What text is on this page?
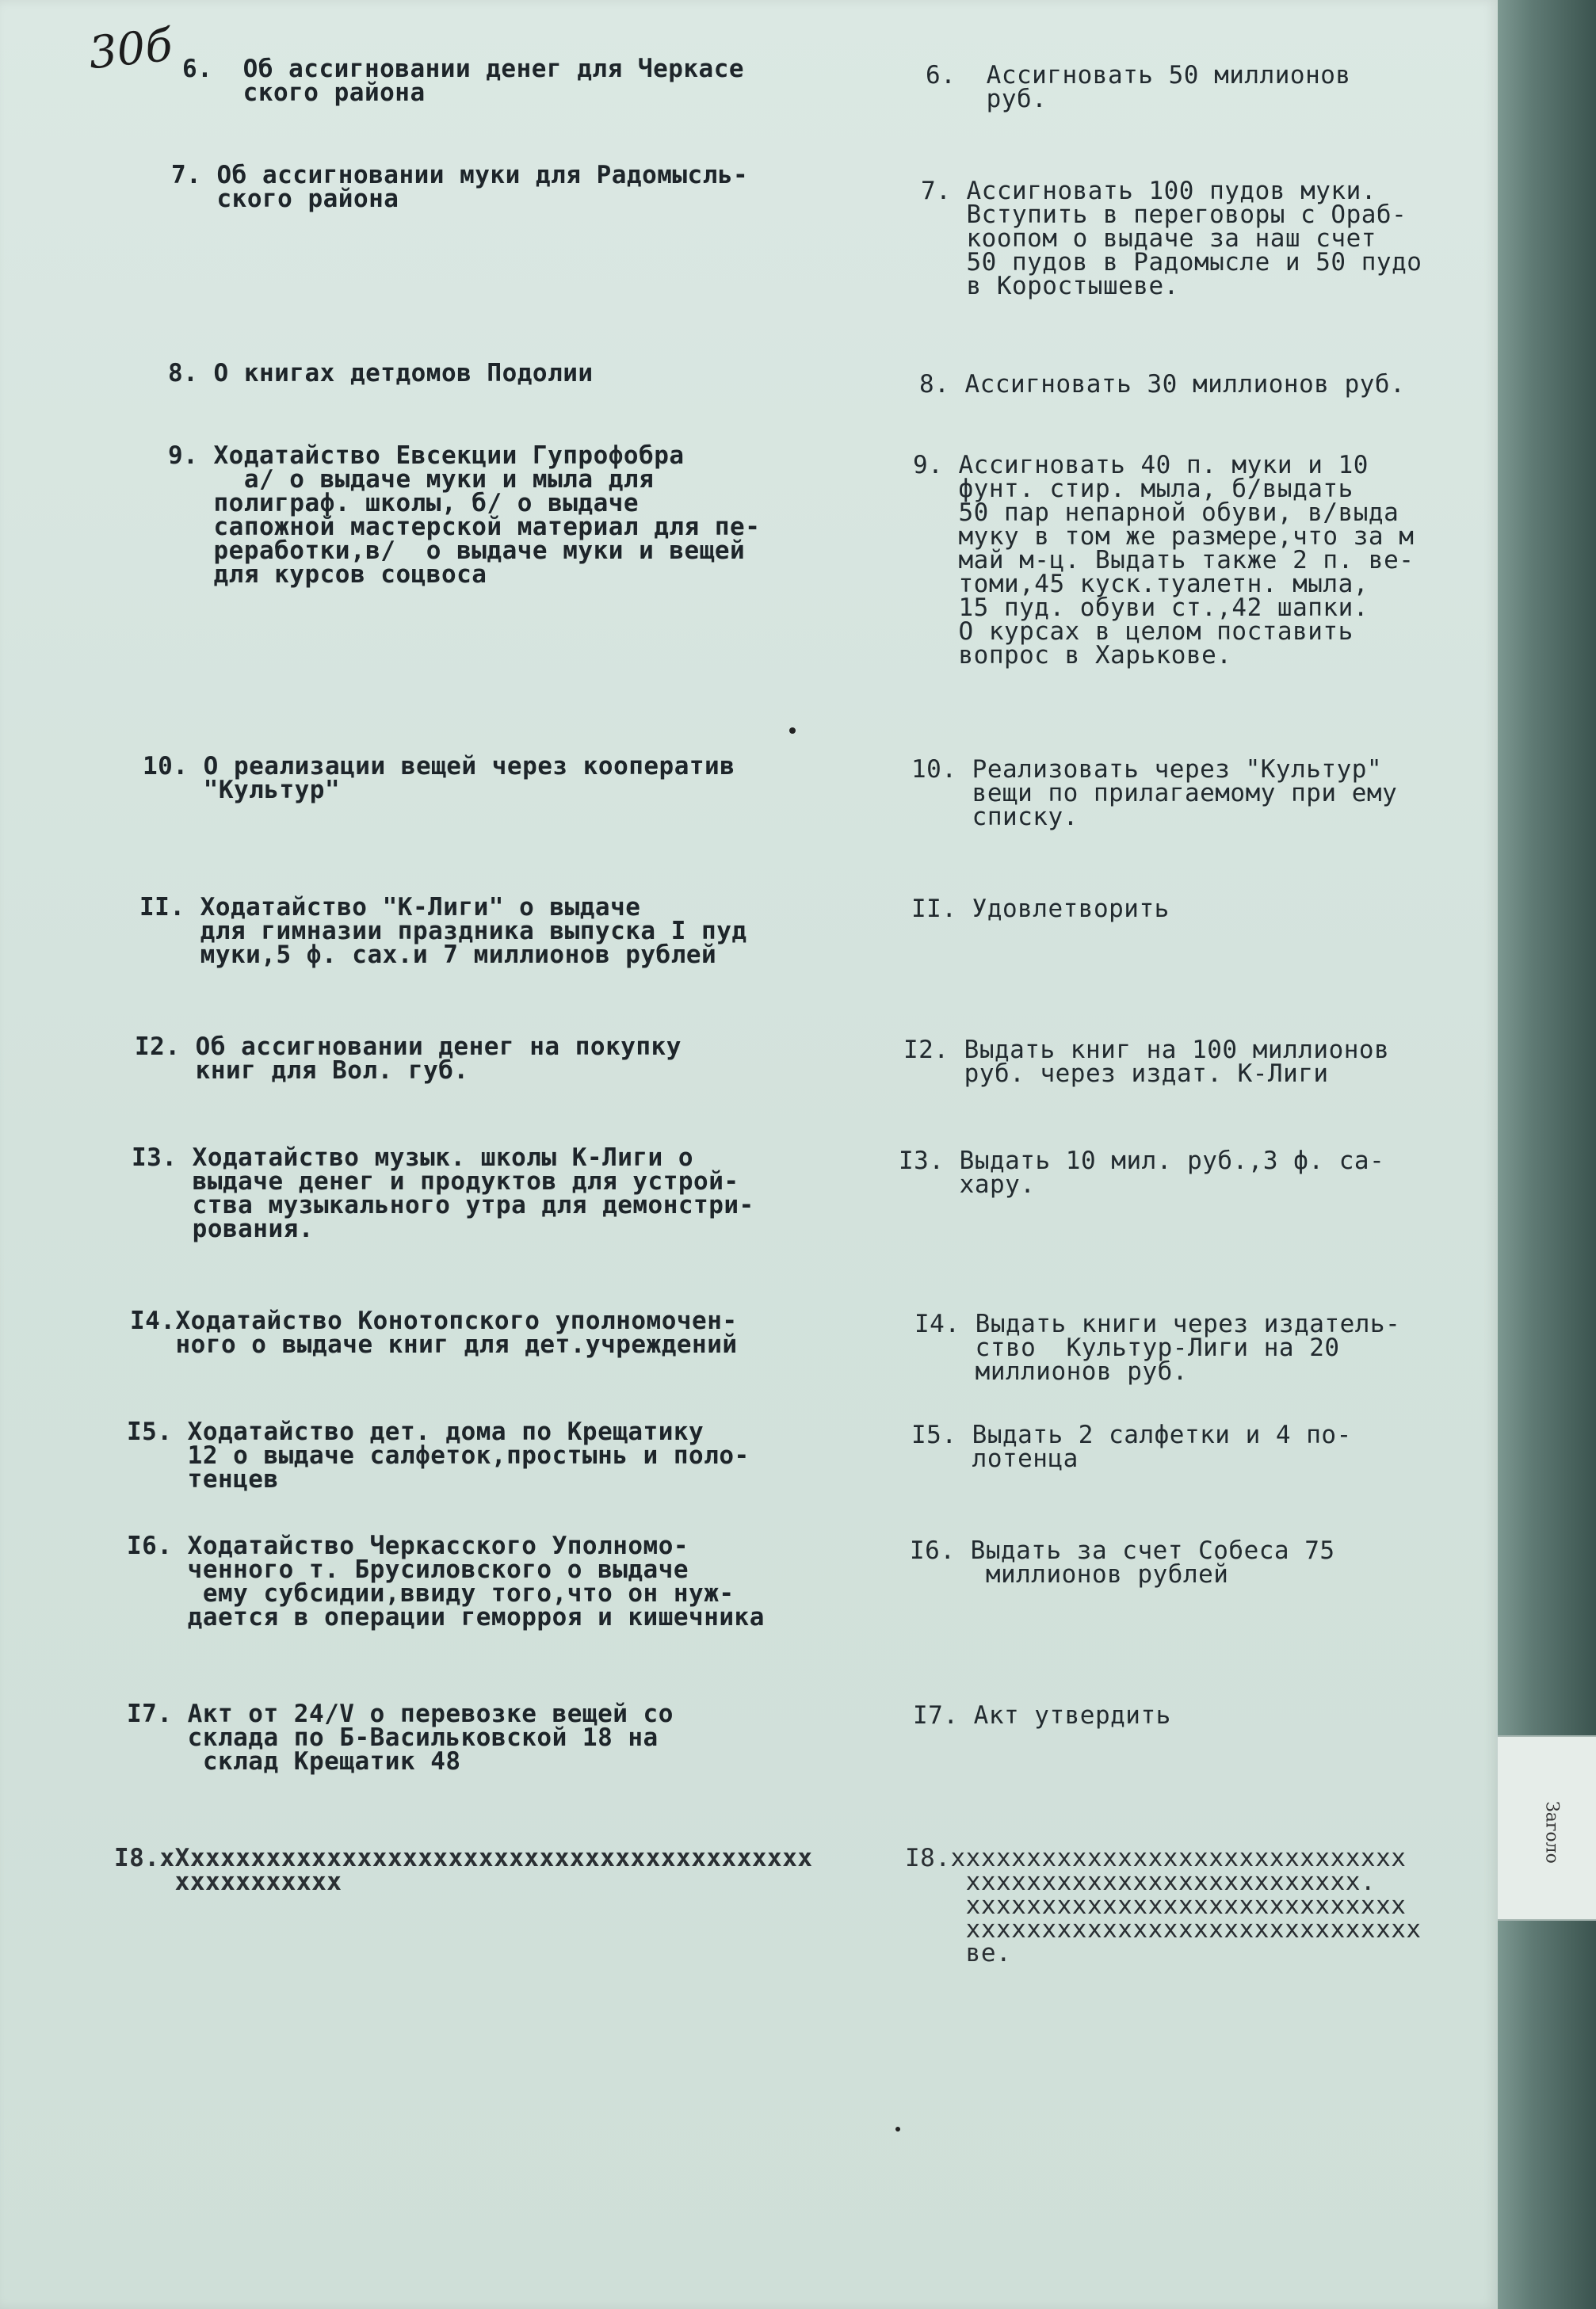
30б 6.  Об ассигновании денег для Черкасе
ского района
6.  Ассигновать 50 миллионов
руб.
7. Об ассигновании муки для Радомысль-
ского района	7. Ассигновать 100 пудов муки.
Вступить в переговоры с Ораб-
коопом о выдаче за наш счет
50 пудов в Радомысле и 50 пудо
в Коростышеве.
8. О книгах детдомов Подолии	8. Ассигновать 30 миллионов руб.
9. Ходатайство Евсекции Гупрофобра
а/ о выдаче муки и мыла для
полиграф. школы, б/ о выдаче
сапожной мастерской материал для пе-
реработки,в/  о выдаче муки и вещей
для курсов соцвоса
9. Ассигновать 40 п. муки и 10
фунт. стир. мыла, б/выдать
50 пар непарной обуви, в/выда
муку в том же размере,что за м
май м-ц. Выдать также 2 п. ве-
томи,45 куск.туалетн. мыла,
15 пуд. обуви ст.,42 шапки.
О курсах в целом поставить
вопрос в Харькове.
10. О реализации вещей через кооператив
"Культур"
10. Реализовать через "Культур"
вещи по прилагаемому при ему
списку.
II. Ходатайство "К-Лиги" о выдаче
для гимназии праздника выпуска I пуд
муки,5 ф. сах.и 7 миллионов рублей
II. Удовлетворить
I2. Об ассигновании денег на покупку
книг для Вол. губ.
I2. Выдать книг на 100 миллионов
руб. через издат. К-Лиги
I3. Ходатайство музык. школы К-Лиги о
выдаче денег и продуктов для устрой-
ства музыкального утра для демонстри-
рования.
I3. Выдать 10 мил. руб.,3 ф. са-
хару.
I4.Ходатайство Конотопского уполномочен-
ного о выдаче книг для дет.учреждений
I4. Выдать книги через издатель-
ство  Культур-Лиги на 20
миллионов руб.
I5. Ходатайство дет. дома по Крещатику
12 о выдаче салфеток,простынь и поло-
тенцев
I5. Выдать 2 салфетки и 4 по-
лотенца
I6. Ходатайство Черкасского Уполномо-
ченного т. Брусиловского о выдаче
ему субсидии,ввиду того,что он нуж-
дается в операции геморроя и кишечника
I6. Выдать за счет Собеса 75
миллионов рублей
I7. Акт от 24/V о перевозке вещей со
склада по Б-Васильковской 18 на
склад Крещатик 48
I7. Акт утвердить
I8.xXxxxxxxxxxxxxxxxxxxxxxxxxxxxxxxxxxxxxxxxxx
xxxxxxxxxxx
I8.xxxxxxxxxxxxxxxxxxxxxxxxxxxxxx
xxxxxxxxxxxxxxxxxxxxxxxxxx.
xxxxxxxxxxxxxxxxxxxxxxxxxxxxx
xxxxxxxxxxxxxxxxxxxxxxxxxxxxxx
ве.
Заголо
